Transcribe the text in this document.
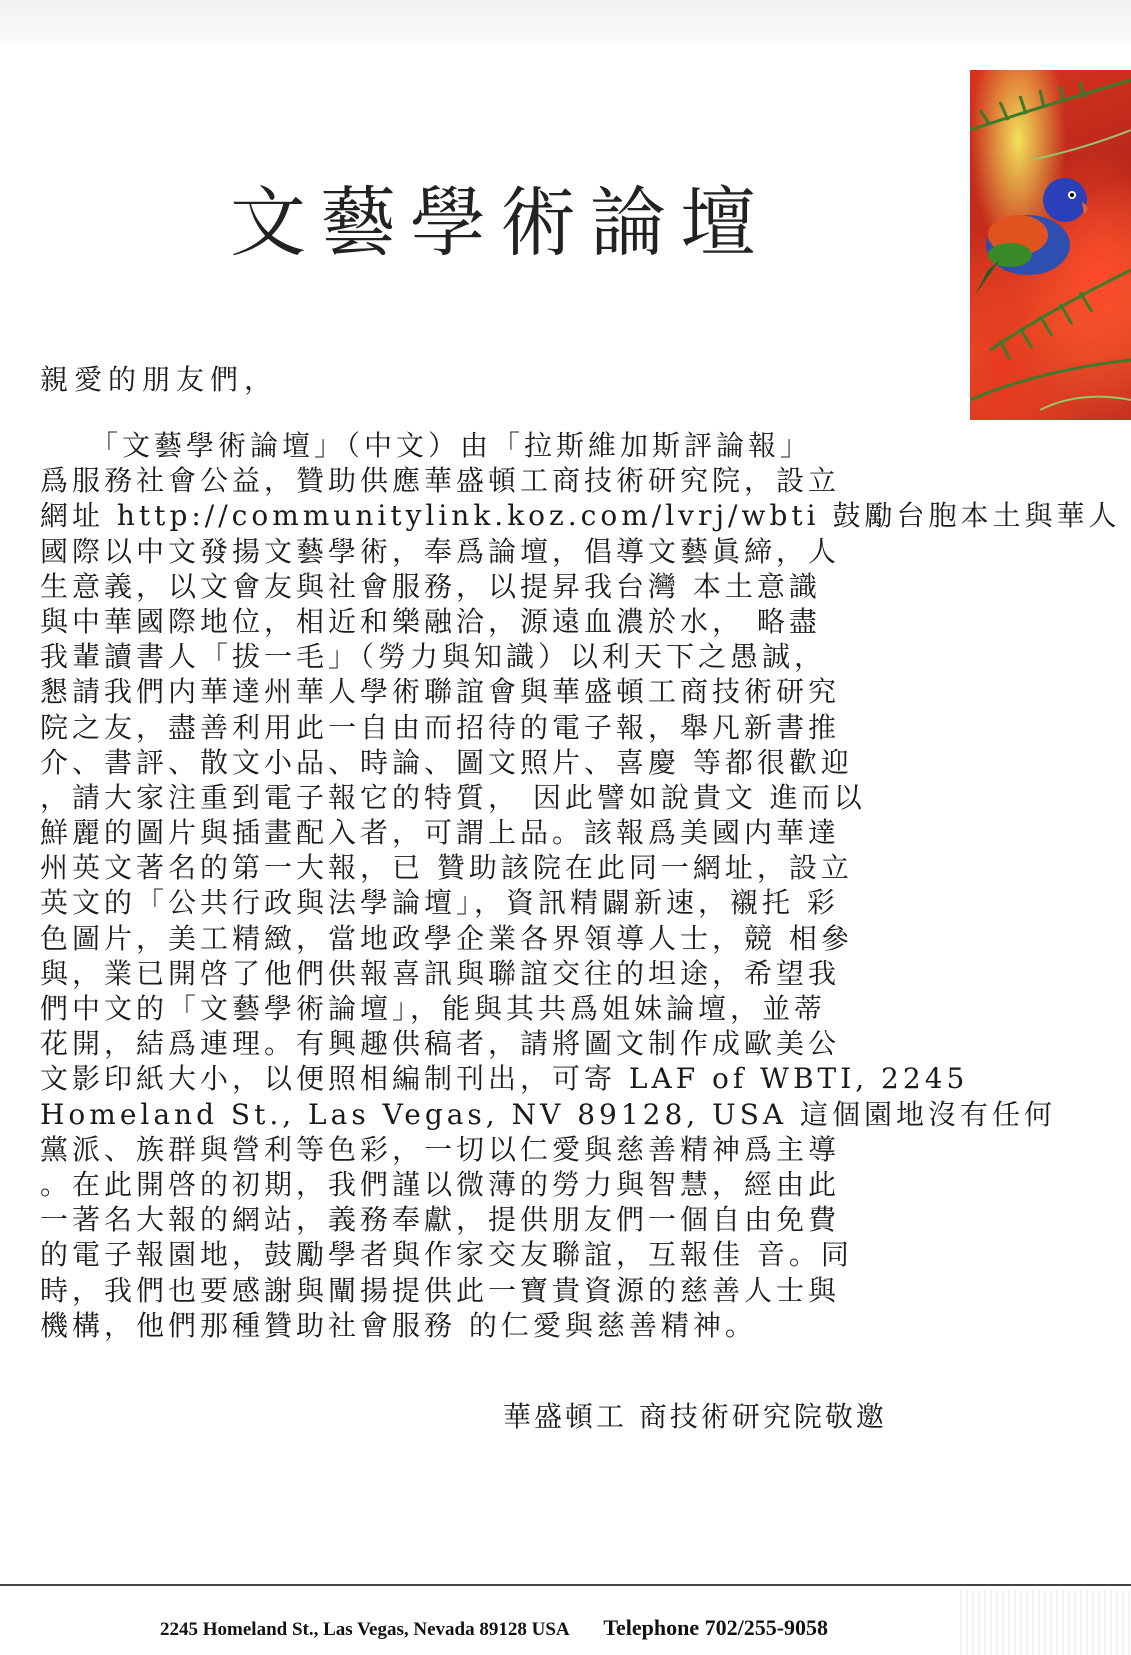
文藝學術論壇
親愛的朋友們，
　　「文藝學術論壇」（中文）由「拉斯維加斯評論報」
爲服務社會公益，贊助供應華盛頓工商技術研究院，設立
網址 http://communitylink.koz.com/lvrj/wbti 鼓勵台胞本土與華人
國際以中文發揚文藝學術，奉爲論壇，倡導文藝眞締，人
生意義，以文會友與社會服務，以提昇我台灣 本土意識
與中華國際地位，相近和樂融洽，源遠血濃於水， 略盡
我輩讀書人「拔一毛」（勞力與知識）以利天下之愚誠，
懇請我們内華達州華人學術聯誼會與華盛頓工商技術研究
院之友，盡善利用此一自由而招待的電子報，舉凡新書推
介、書評、散文小品、時論、圖文照片、喜慶 等都很歡迎
，請大家注重到電子報它的特質， 因此譬如說貴文 進而以
鮮麗的圖片與插畫配入者，可謂上品。該報爲美國内華達
州英文著名的第一大報，已 贊助該院在此同一網址，設立
英文的「公共行政與法學論壇」，資訊精闢新速，襯托 彩
色圖片，美工精緻，當地政學企業各界領導人士，競 相參
與，業已開啓了他們供報喜訊與聯誼交往的坦途，希望我
們中文的「文藝學術論壇」，能與其共爲姐妹論壇，並蒂
花開，結爲連理。有興趣供稿者，請將圖文制作成歐美公
文影印紙大小，以便照相編制刊出，可寄 LAF of WBTI, 2245
Homeland St., Las Vegas, NV 89128, USA 這個園地沒有任何
黨派、族群與營利等色彩，一切以仁愛與慈善精神爲主導
。在此開啓的初期，我們謹以微薄的勞力與智慧，經由此
一著名大報的網站，義務奉獻，提供朋友們一個自由免費
的電子報園地，鼓勵學者與作家交友聯誼，互報佳 音。同
時，我們也要感謝與闡揚提供此一寶貴資源的慈善人士與
機構，他們那種贊助社會服務 的仁愛與慈善精神。
華盛頓工 商技術研究院敬邀
2245 Homeland St., Las Vegas, Nevada 89128 USA Telephone 702/255-9058
